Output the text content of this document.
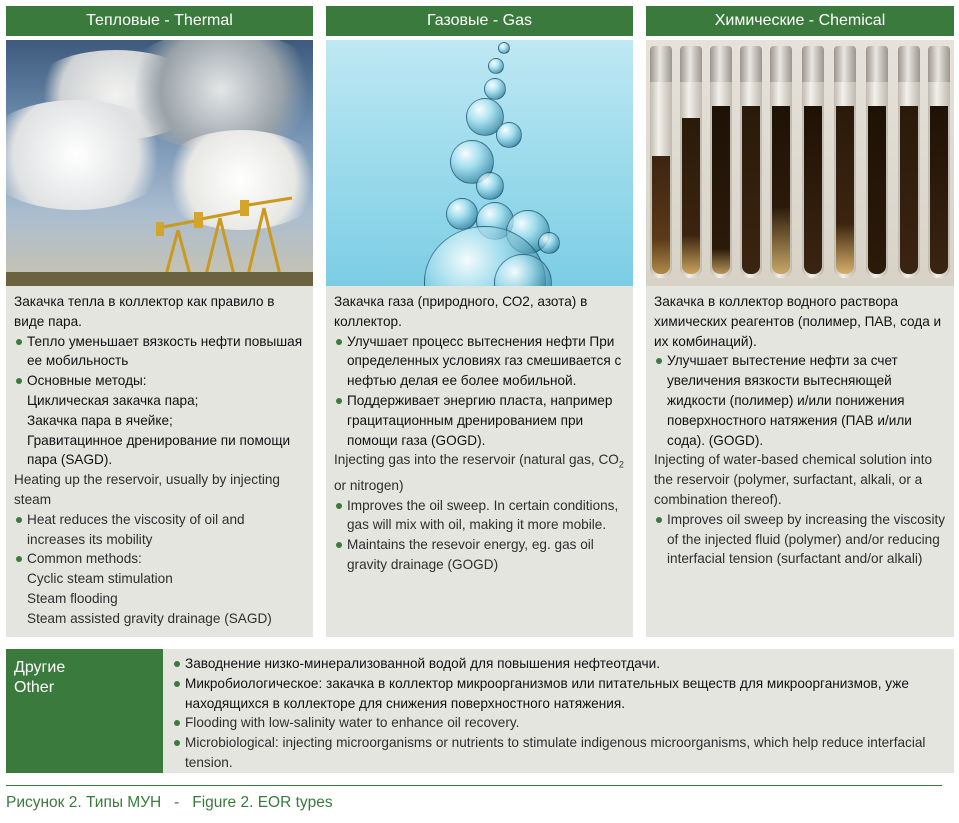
Тепловые - Thermal

Закачка тепла в коллектор как правило в виде пара.

Тепло уменьшает вязкость нефти повышая ее мобильность
Основные методы:
Циклическая закачка пара;
Закачка пара в ячейке;
Гравитацинное дренирование пи помощи пара (SAGD).

Heating up the reservoir, usually by injecting steam

Heat reduces the viscosity of oil and increases its mobility
Common methods:
Cyclic steam stimulation
Steam flooding
Steam assisted gravity drainage (SAGD)
Газовые - Gas

Закачка газа (природного, СО2, азота) в коллектор.

Улучшает процесс вытеснения нефти При определенных условиях газ смешивается с нефтью делая ее более мобильной.
Поддерживает энергию пласта, например грацитационным дренированием при помощи газа (GOGD).

Injecting gas into the reservoir (natural gas, $CO_2$ or nitrogen)

Improves the oil sweep. In certain conditions, gas will mix with oil, making it more mobile.
Maintains the resevoir energy, eg. gas oil gravity drainage (GOGD)
Химические - Chemical

Закачка в коллектор водного раствора химических реагентов (полимер, ПАВ, сода и их комбинаций).

Улучшает вытестение нефти за счет увеличения вязкости вытесняющей жидкости (полимер) и/или понижения поверхностного натяжения (ПАВ и/или сода). (GOGD).

Injecting of water-based chemical solution into the reservoir (polymer, surfactant, alkali, or a combination thereof).

Improves oil sweep by increasing the viscosity of the injected fluid (polymer) and/or reducing interfacial tension (surfactant and/or alkali)
Другие
Other
Заводнение низко-минерализованной водой для повышения нефтеотдачи.
Микробиологическое: закачка в коллектор микроорганизмов или питательных веществ для микроорганизмов, уже находящихся в коллекторе для снижения поверхностного натяжения.
Flooding with low-salinity water to enhance oil recovery.
Microbiological: injecting microorganisms or nutrients to stimulate indigenous microorganisms, which help reduce interfacial tension.
Рисунок 2. Типы МУН   -   Figure 2. EOR types
